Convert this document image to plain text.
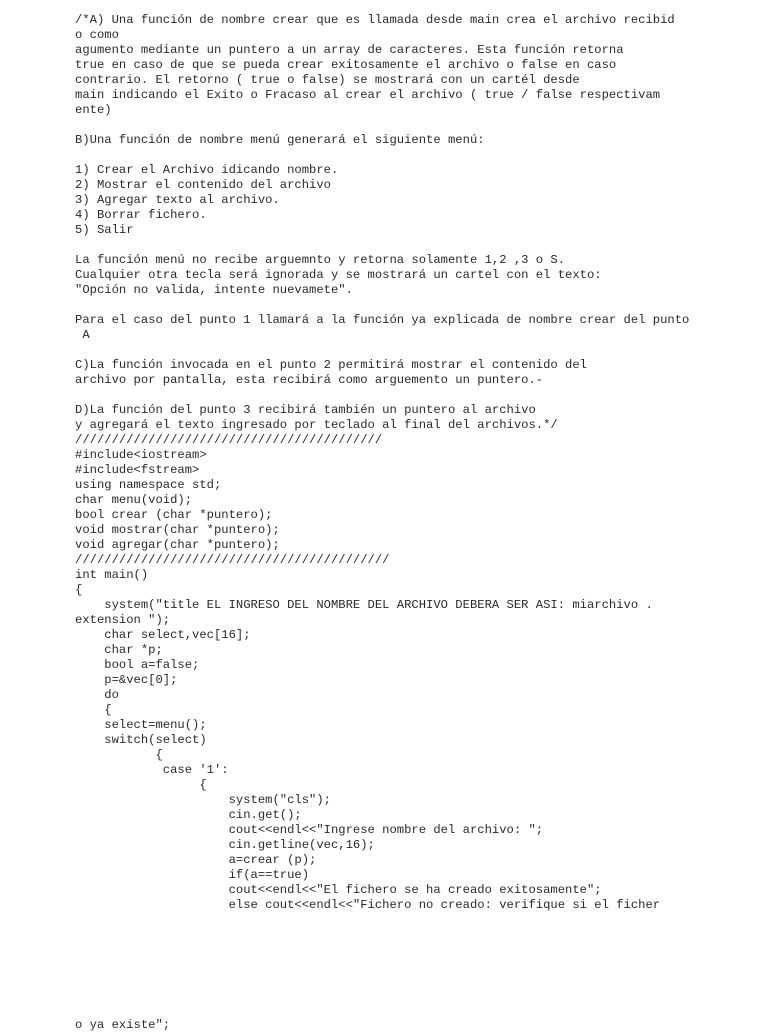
/*A) Una función de nombre crear que es llamada desde main crea el archivo recibid
o como
agumento mediante un puntero a un array de caracteres. Esta función retorna
true en caso de que se pueda crear exitosamente el archivo o false en caso
contrario. El retorno ( true o false) se mostrará con un cartél desde
main indicando el Exito o Fracaso al crear el archivo ( true / false respectivam
ente)
B)Una función de nombre menú generará el siguiente menú:
1) Crear el Archivo idicando nombre.
2) Mostrar el contenido del archivo
3) Agregar texto al archivo.
4) Borrar fichero.
5) Salir
La función menú no recibe arguemnto y retorna solamente 1,2 ,3 o S.
Cualquier otra tecla será ignorada y se mostrará un cartel con el texto:
"Opción no valida, intente nuevamete".
Para el caso del punto 1 llamará a la función ya explicada de nombre crear del punto
A
C)La función invocada en el punto 2 permitirá mostrar el contenido del
archivo por pantalla, esta recibirá como arguemento un puntero.-
D)La función del punto 3 recibirá también un puntero al archivo
y agregará el texto ingresado por teclado al final del archivos.*/
//////////////////////////////////////////
#include<iostream>
#include<fstream>
using namespace std;
char menu(void);
bool crear (char *puntero);
void mostrar(char *puntero);
void agregar(char *puntero);
///////////////////////////////////////////
int main()
{
system("title EL INGRESO DEL NOMBRE DEL ARCHIVO DEBERA SER ASI: miarchivo .
extension ");
char select,vec[16];
char *p;
bool a=false;
p=&vec[0];
do
{
select=menu();
switch(select)
{
case '1':
{
system("cls");
cin.get();
cout<<endl<<"Ingrese nombre del archivo: ";
cin.getline(vec,16);
a=crear (p);
if(a==true)
cout<<endl<<"El fichero se ha creado exitosamente";
else cout<<endl<<"Fichero no creado: verifique si el ficher
o ya existe";
